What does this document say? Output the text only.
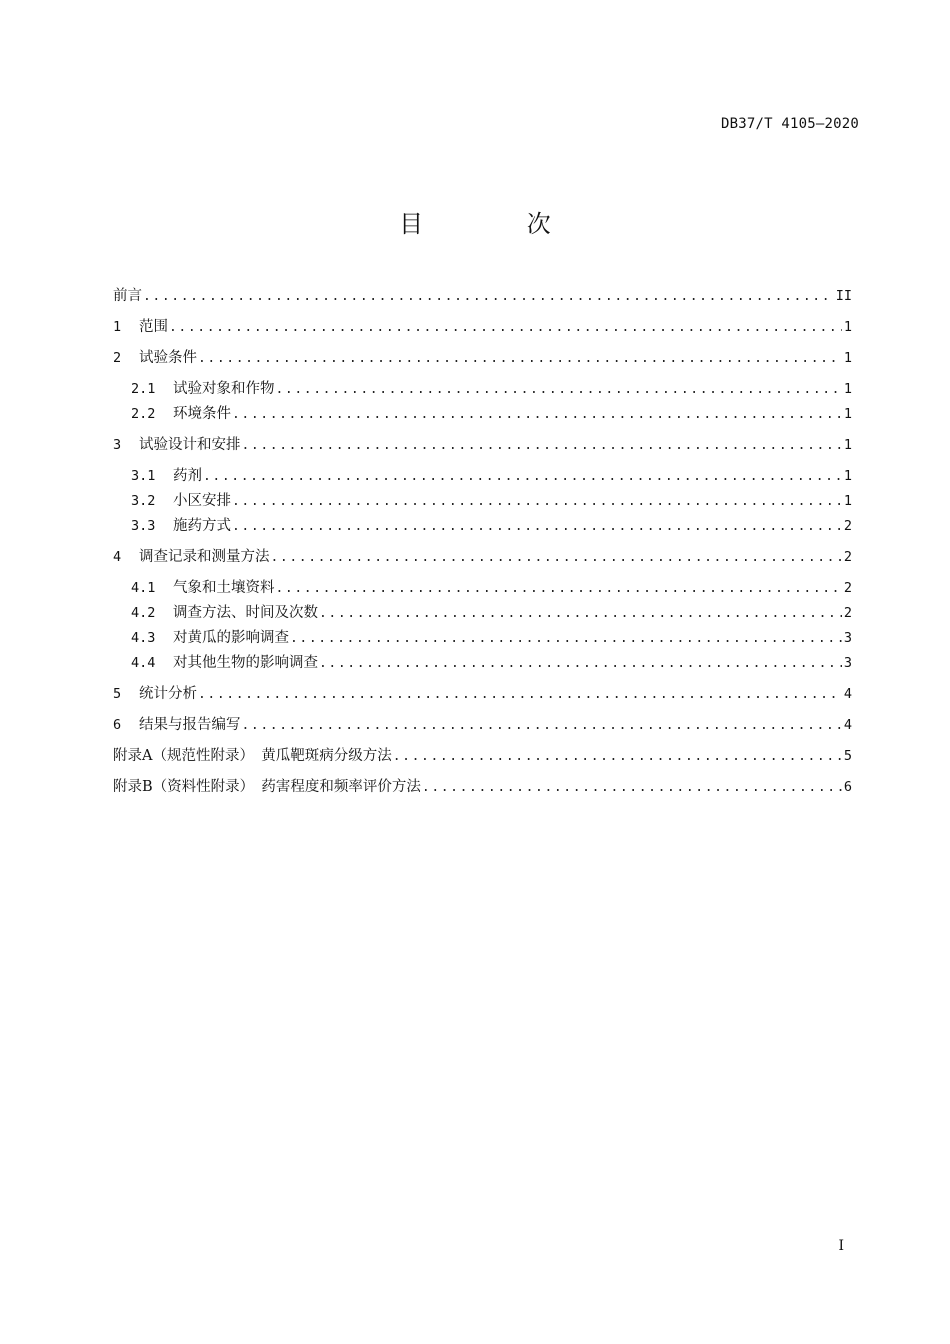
DB37/T 4105—2020
目 次
前言 .....	II
1	范围 .....	1
2	试验条件 .....	1
2.1	试验对象和作物 .....	1
2.2	环境条件 .....	1
3	试验设计和安排 .....	1
3.1	药剂 .....	1
3.2	小区安排 .....	1
3.3	施药方式 .....	2
4	调查记录和测量方法 .....	2
4.1	气象和土壤资料 .....	2
4.2	调查方法、时间及次数 .....	2
4.3	对黄瓜的影响调查 .....	3
4.4	对其他生物的影响调查 .....	3
5	统计分析 .....	4
6	结果与报告编写 .....	4
附录A（规范性附录）　黄瓜靶斑病分级方法 .....	5
附录B（资料性附录）　药害程度和频率评价方法 .....	6
I
